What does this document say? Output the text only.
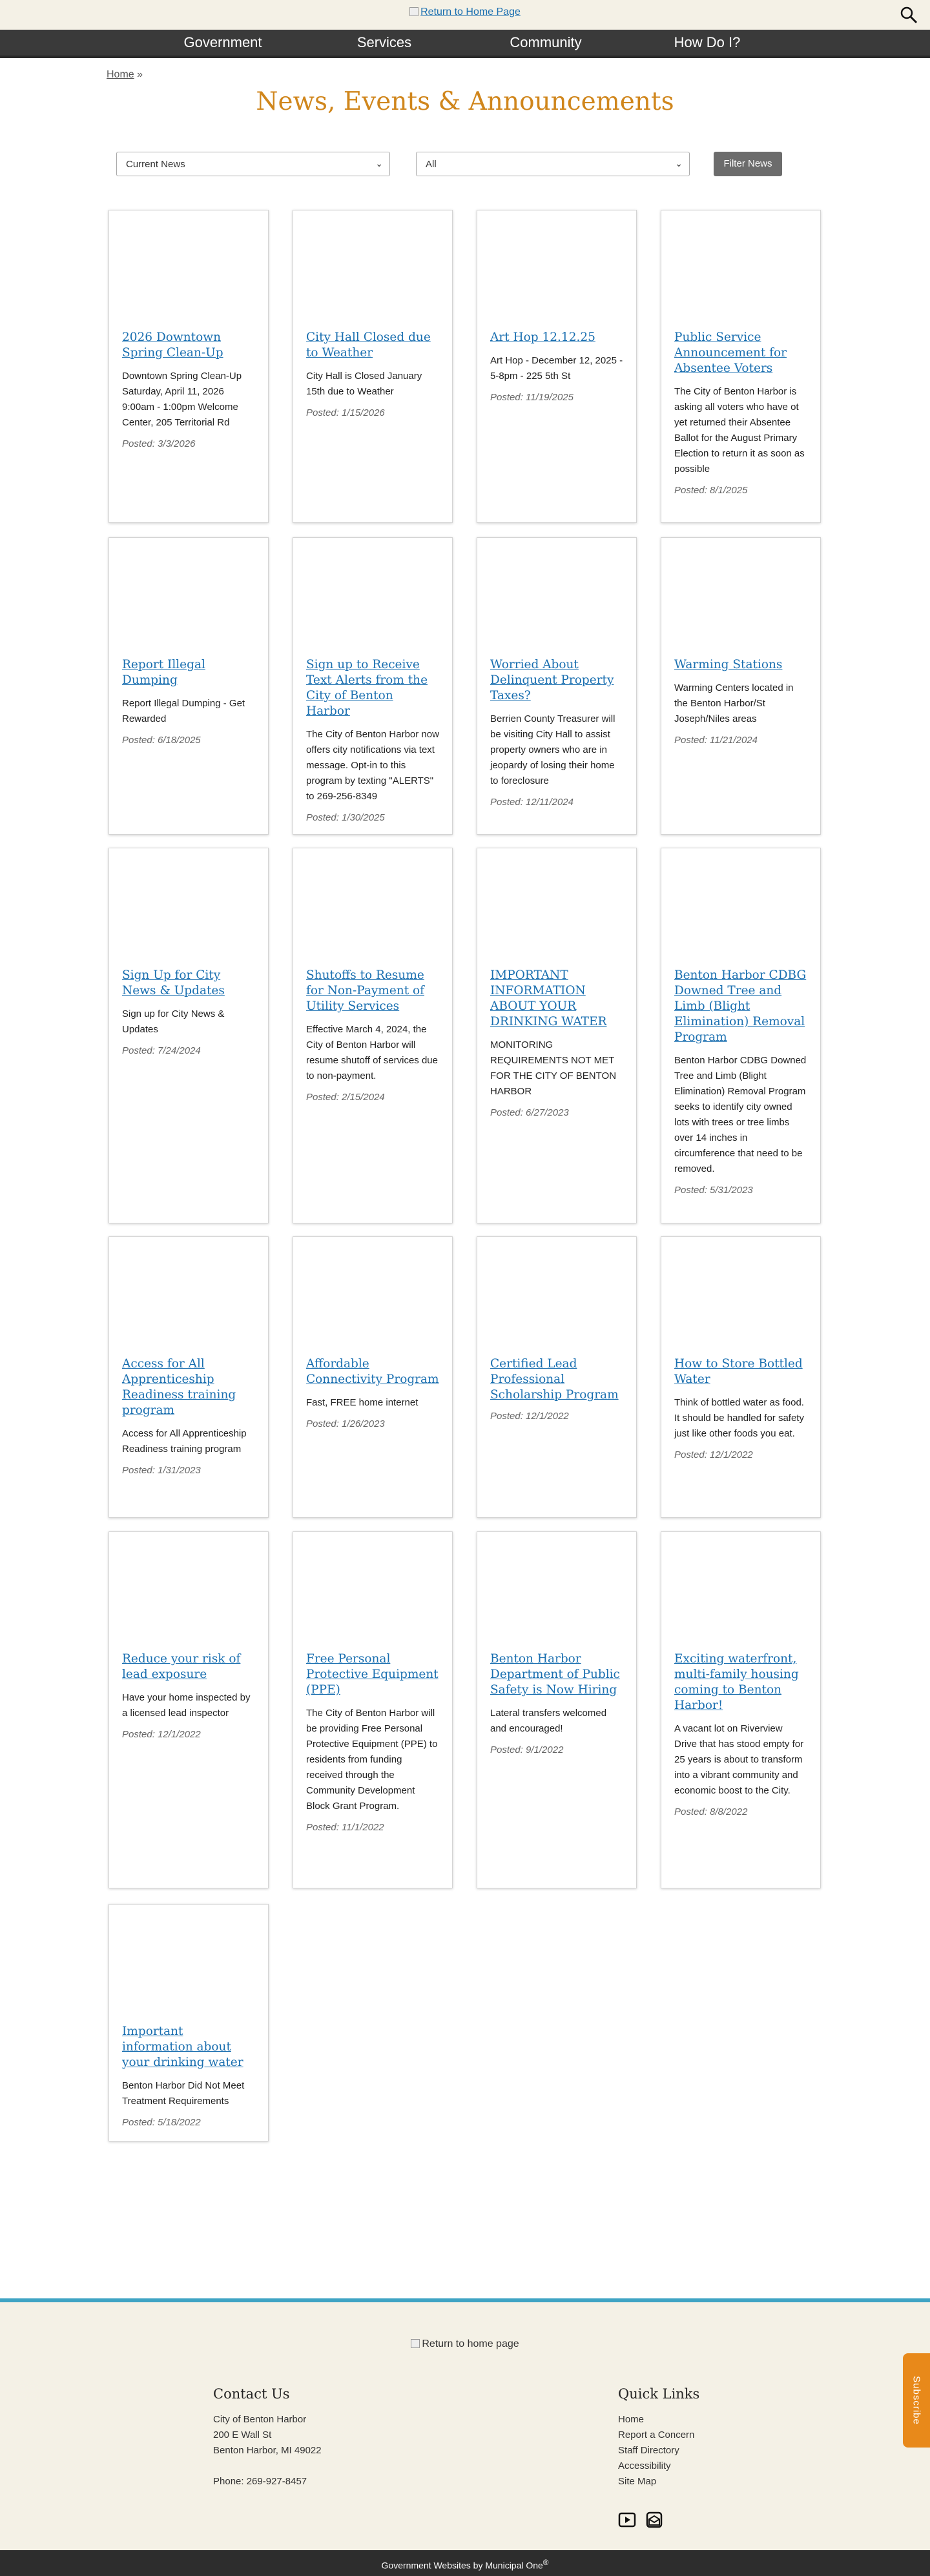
Return to Home Page
Government	Services	Community	How Do I?
Home »
News, Events & Announcements
Current News	⌄	All	⌄	Filter News
2026 Downtown Spring Clean-Up

Downtown Spring Clean-Up Saturday, April 11, 2026 9:00am - 1:00pm Welcome Center, 205 Territorial Rd

Posted: 3/3/2026
City Hall Closed due to Weather

City Hall is Closed January 15th due to Weather

Posted: 1/15/2026
Art Hop 12.12.25

Art Hop - December 12, 2025 - 5-8pm - 225 5th St

Posted: 11/19/2025
Public Service Announcement for Absentee Voters

The City of Benton Harbor is asking all voters who have ot yet returned their Absentee Ballot for the August Primary Election to return it as soon as possible

Posted: 8/1/2025
Report Illegal Dumping

Report Illegal Dumping - Get Rewarded

Posted: 6/18/2025
Sign up to Receive Text Alerts from the City of Benton Harbor

The City of Benton Harbor now offers city notifications via text message. Opt-in to this program by texting "ALERTS" to 269-256-8349

Posted: 1/30/2025
Worried About Delinquent Property Taxes?

Berrien County Treasurer will be visiting City Hall to assist property owners who are in jeopardy of losing their home to foreclosure

Posted: 12/11/2024
Warming Stations

Warming Centers located in the Benton Harbor/St Joseph/Niles areas

Posted: 11/21/2024
Sign Up for City News & Updates

Sign up for City News & Updates

Posted: 7/24/2024
Shutoffs to Resume for Non-Payment of Utility Services

Effective March 4, 2024, the City of Benton Harbor will resume shutoff of services due to non-payment.

Posted: 2/15/2024
IMPORTANT INFORMATION ABOUT YOUR DRINKING WATER

MONITORING REQUIREMENTS NOT MET FOR THE CITY OF BENTON HARBOR

Posted: 6/27/2023
Benton Harbor CDBG Downed Tree and Limb (Blight Elimination) Removal Program

Benton Harbor CDBG Downed Tree and Limb (Blight Elimination) Removal Program seeks to identify city owned lots with trees or tree limbs over 14 inches in circumference that need to be removed.

Posted: 5/31/2023
Access for All Apprenticeship Readiness training program

Access for All Apprenticeship Readiness training program

Posted: 1/31/2023
Affordable Connectivity Program

Fast, FREE home internet

Posted: 1/26/2023
Certified Lead Professional Scholarship Program
Posted: 12/1/2022
How to Store Bottled Water

Think of bottled water as food. It should be handled for safety just like other foods you eat.

Posted: 12/1/2022
Reduce your risk of lead exposure

Have your home inspected by a licensed lead inspector

Posted: 12/1/2022
Free Personal Protective Equipment (PPE)

The City of Benton Harbor will be providing Free Personal Protective Equipment (PPE) to residents from funding received through the Community Development Block Grant Program.

Posted: 11/1/2022
Benton Harbor Department of Public Safety is Now Hiring

Lateral transfers welcomed and encouraged!

Posted: 9/1/2022
Exciting waterfront, multi-family housing coming to Benton Harbor!

A vacant lot on Riverview Drive that has stood empty for 25 years is about to transform into a vibrant community and economic boost to the City.

Posted: 8/8/2022
Important information about your drinking water

Benton Harbor Did Not Meet Treatment Requirements

Posted: 5/18/2022
Return to home page
Contact Us
City of Benton Harbor
200 E Wall St
Benton Harbor, MI 49022
Phone: 269-927-8457
Quick Links
Home
Report a Concern
Staff Directory
Accessibility
Site Map
Subscribe
Government Websites by Municipal One®
